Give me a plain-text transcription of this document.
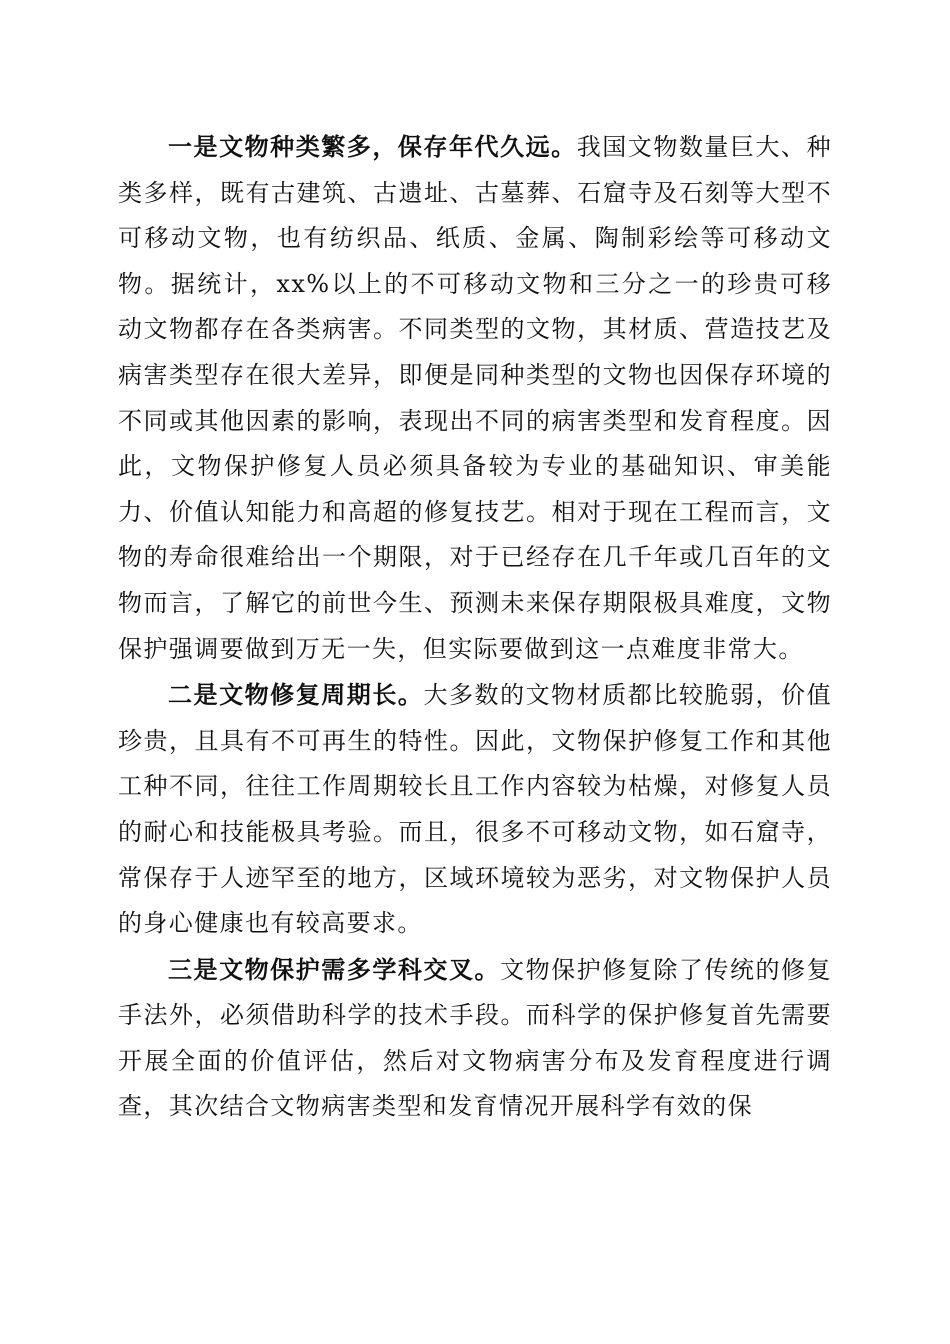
一是文物种类繁多，保存年代久远。我国文物数量巨大、种类多样，既有古建筑、古遗址、古墓葬、石窟寺及石刻等大型不可移动文物，也有纺织品、纸质、金属、陶制彩绘等可移动文物。据统计，xx%以上的不可移动文物和三分之一的珍贵可移动文物都存在各类病害。不同类型的文物，其材质、营造技艺及病害类型存在很大差异，即便是同种类型的文物也因保存环境的不同或其他因素的影响，表现出不同的病害类型和发育程度。因此，文物保护修复人员必须具备较为专业的基础知识、审美能力、价值认知能力和高超的修复技艺。相对于现在工程而言，文物的寿命很难给出一个期限，对于已经存在几千年或几百年的文物而言，了解它的前世今生、预测未来保存期限极具难度，文物保护强调要做到万无一失，但实际要做到这一点难度非常大。

二是文物修复周期长。大多数的文物材质都比较脆弱，价值珍贵，且具有不可再生的特性。因此，文物保护修复工作和其他工种不同，往往工作周期较长且工作内容较为枯燥，对修复人员的耐心和技能极具考验。而且，很多不可移动文物，如石窟寺，常保存于人迹罕至的地方，区域环境较为恶劣，对文物保护人员的身心健康也有较高要求。

三是文物保护需多学科交叉。文物保护修复除了传统的修复手法外，必须借助科学的技术手段。而科学的保护修复首先需要开展全面的价值评估，然后对文物病害分布及发育程度进行调查，其次结合文物病害类型和发育情况开展科学有效的保
